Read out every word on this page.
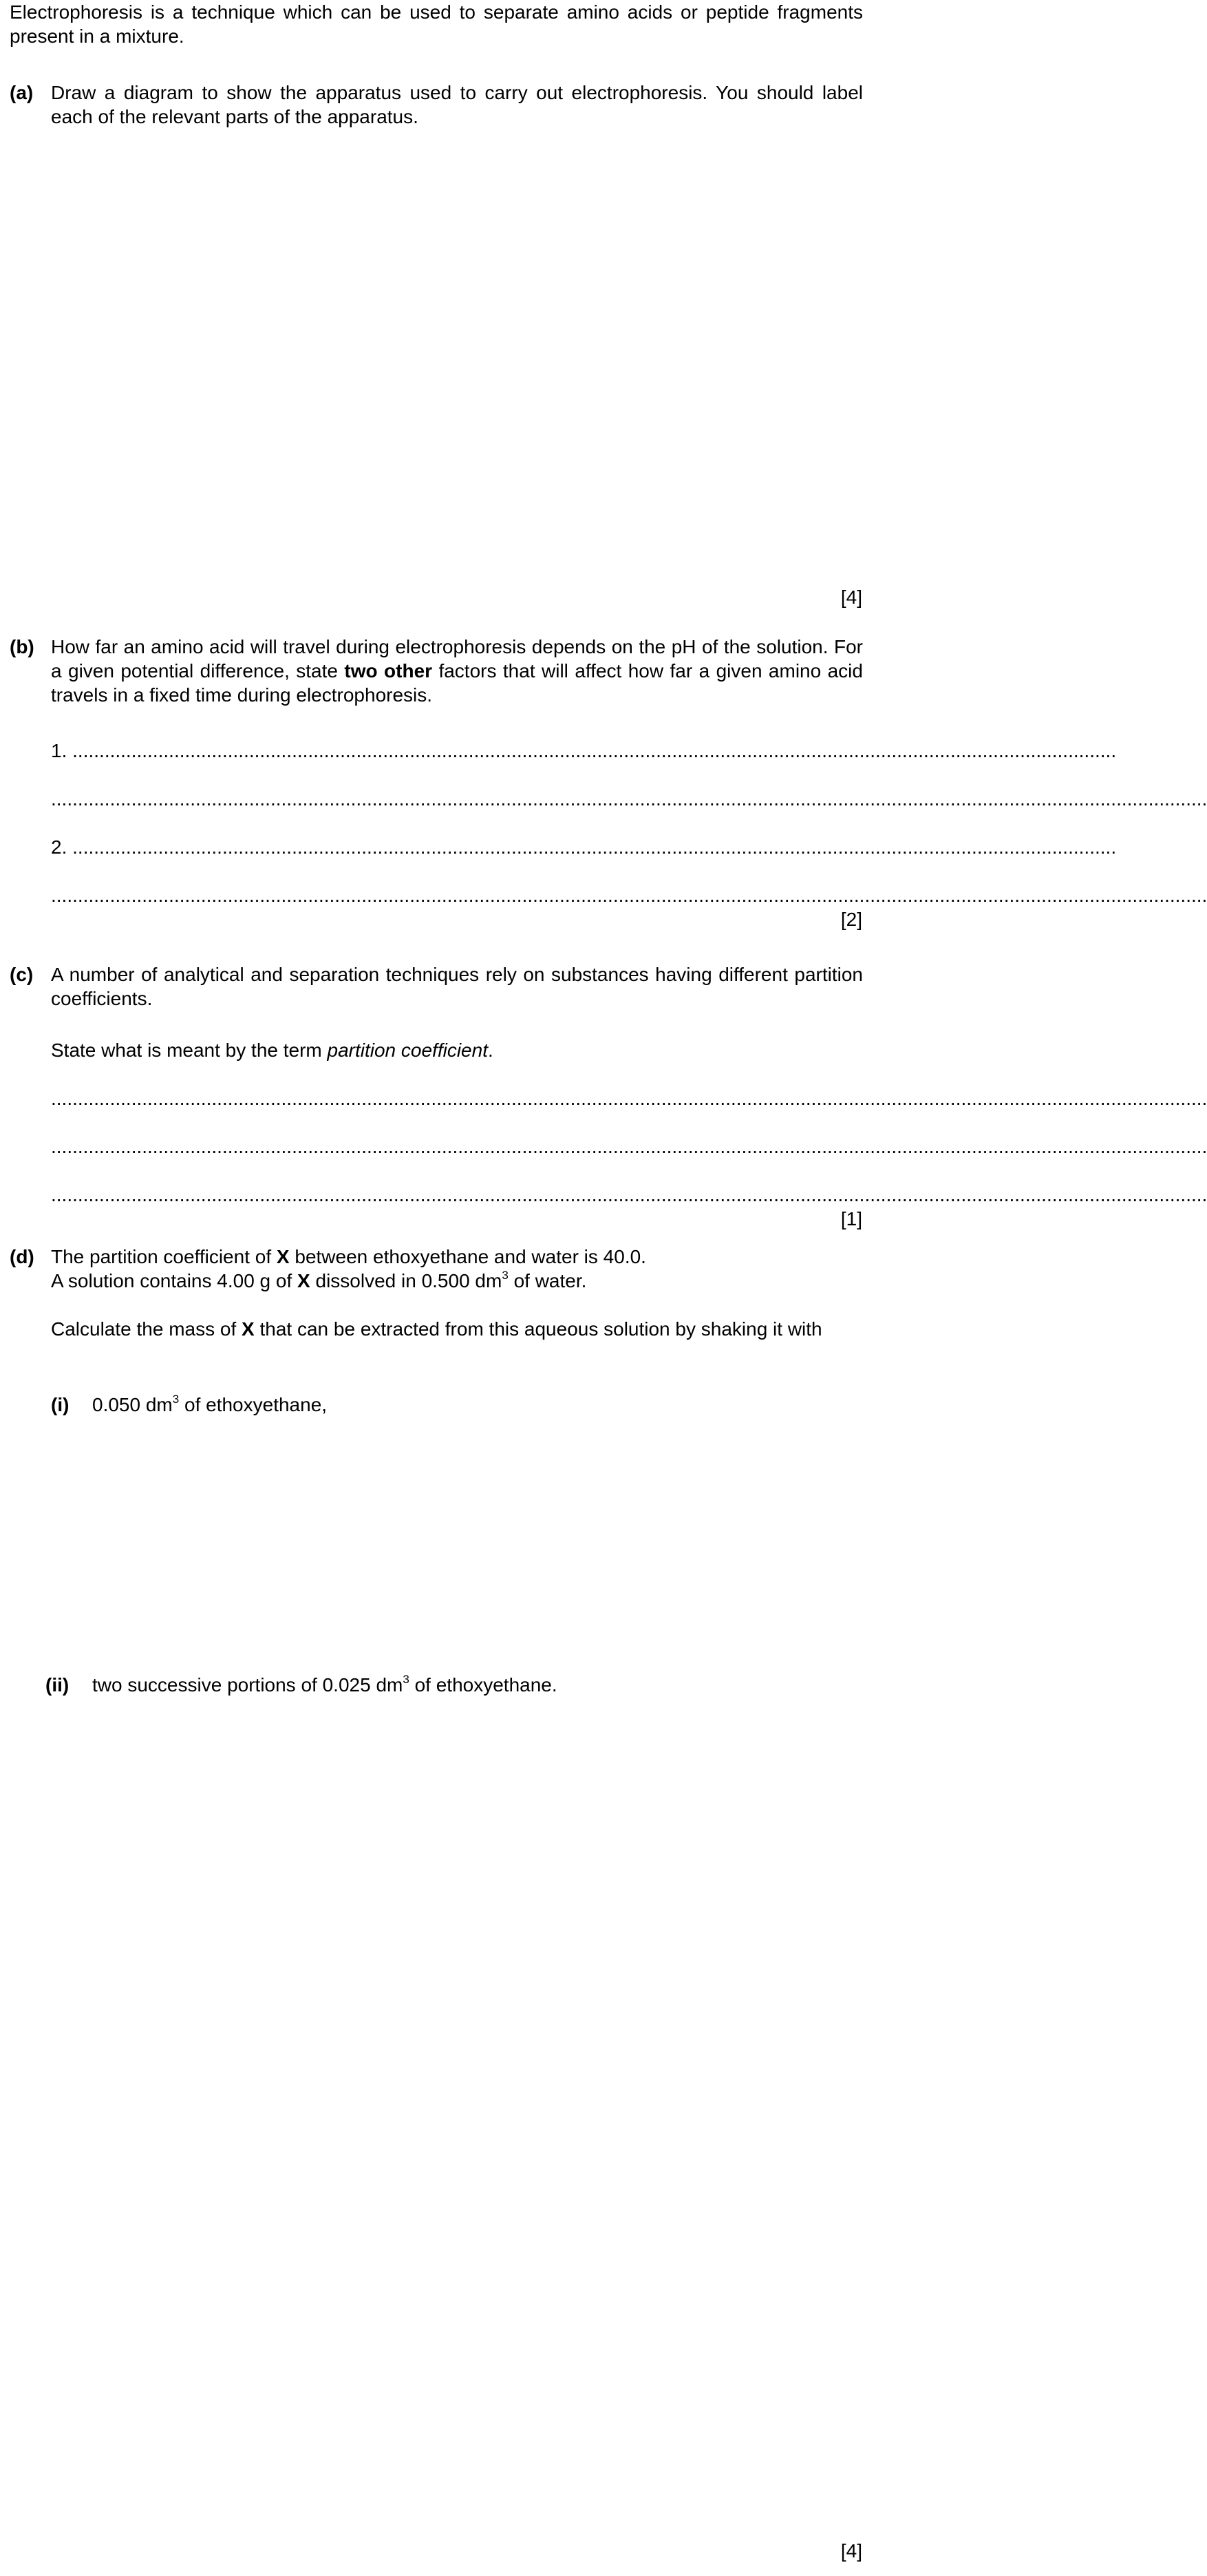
Electrophoresis is a technique which can be used to separate amino acids or peptide fragments present in a mixture.
(a) Draw a diagram to show the apparatus used to carry out electrophoresis. You should label each of the relevant parts of the apparatus.
[4]
(b) How far an amino acid will travel during electrophoresis depends on the pH of the solution. For a given potential difference, state two other factors that will affect how far a given amino acid travels in a fixed time during electrophoresis.
1. ...................................................................................................................................................................................................
........................................................................................................................................................................................................................
2. ...................................................................................................................................................................................................
........................................................................................................................................................................................................................
[2]
(c) A number of analytical and separation techniques rely on substances having different partition coefficients.
State what is meant by the term partition coefficient.
........................................................................................................................................................................................................................
........................................................................................................................................................................................................................
........................................................................................................................................................................................................................
[1]
(d) The partition coefficient of X between ethoxyethane and water is 40.0.
A solution contains 4.00 g of X dissolved in 0.500 $dm^3$ of water.
Calculate the mass of X that can be extracted from this aqueous solution by shaking it with
(i) 0.050 $dm^3$ of ethoxyethane,
(ii) two successive portions of 0.025 $dm^3$ of ethoxyethane.
[4]
